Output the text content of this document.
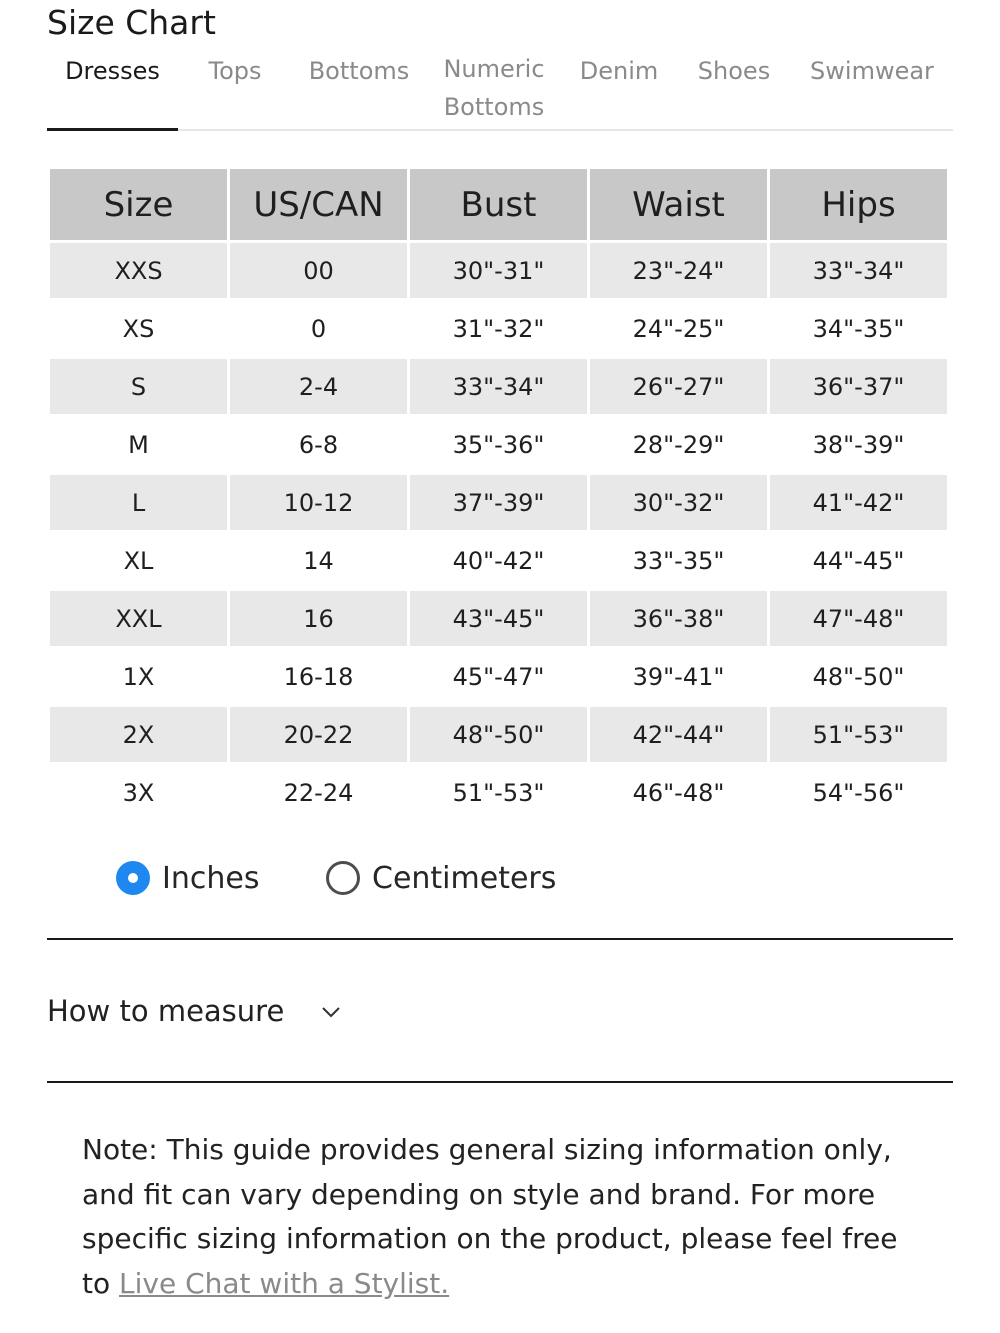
Size Chart
Dresses	Tops	Bottoms Numeric
Bottoms
Denim Shoes Swimwear
Size	US/CAN	Bust	Waist	Hips
XXS	00	30"-31"	23"-24"	33"-34"
XS	0	31"-32"	24"-25"	34"-35"
S	2-4	33"-34"	26"-27"	36"-37"
M	6-8	35"-36"	28"-29"	38"-39"
L	10-12	37"-39"	30"-32"	41"-42"
XL	14	40"-42"	33"-35"	44"-45"
XXL	16	43"-45"	36"-38"	47"-48"
1X	16-18	45"-47"	39"-41"	48"-50"
2X	20-22	48"-50"	42"-44"	51"-53"
3X	22-24	51"-53"	46"-48"	54"-56"
Inches	Centimeters
How to measure

Note: This guide provides general sizing information only, and fit can vary depending on style and brand. For more specific sizing information on the product, please feel free to Live Chat with a Stylist.
